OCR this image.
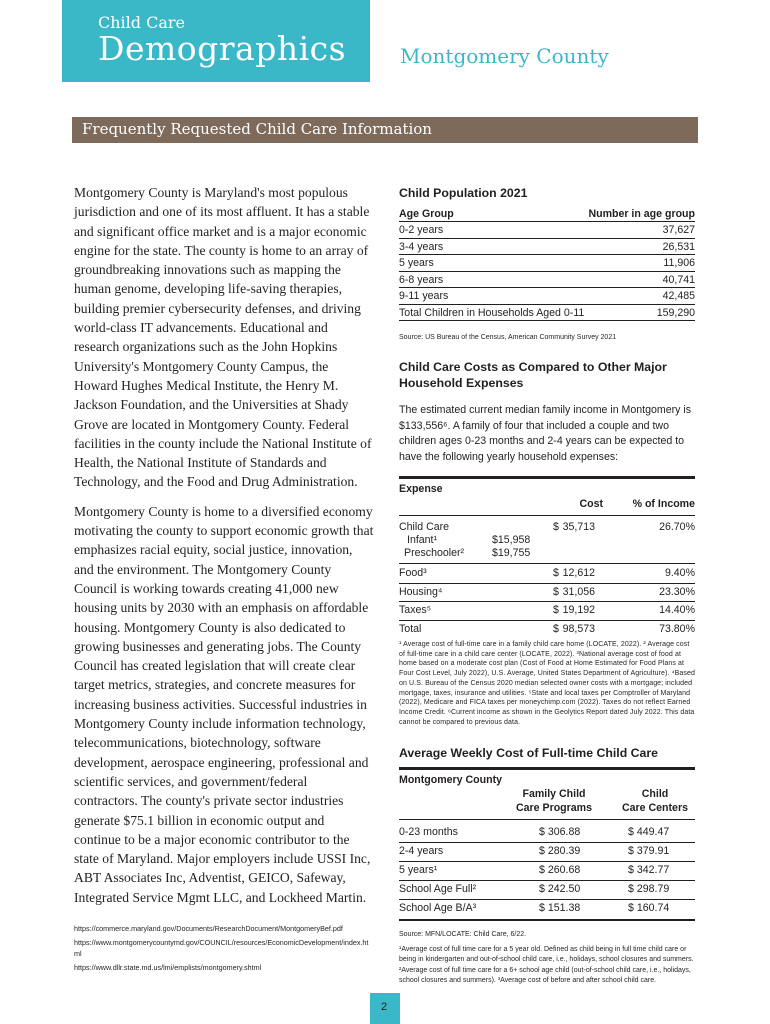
Child Care
Demographics	Montgomery County
Frequently Requested Child Care Information

Montgomery County is Maryland's most populous jurisdiction and one of its most affluent. It has a stable and significant office market and is a major economic engine for the state. The county is home to an array of groundbreaking innovations such as mapping the human genome, developing life-saving therapies, building premier cybersecurity defenses, and driving world-class IT advancements. Educational and research organizations such as the John Hopkins University's Montgomery County Campus, the Howard Hughes Medical Institute, the Henry M. Jackson Foundation, and the Universities at Shady Grove are located in Montgomery County. Federal facilities in the county include the National Institute of Health, the National Institute of Standards and Technology, and the Food and Drug Administration.

Montgomery County is home to a diversified economy motivating the county to support economic growth that emphasizes racial equity, social justice, innovation, and the environment. The Montgomery County Council is working towards creating 41,000 new housing units by 2030 with an emphasis on affordable housing. Montgomery County is also dedicated to growing businesses and generating jobs. The County Council has created legislation that will create clear target metrics, strategies, and concrete measures for increasing business activities. Successful industries in Montgomery County include information technology, telecommunications, biotechnology, software development, aerospace engineering, professional and scientific services, and government/federal contractors. The county's private sector industries generate $75.1 billion in economic output and continue to be a major economic contributor to the state of Maryland. Major employers include USSI Inc, ABT Associates Inc, Adventist, GEICO, Safeway, Integrated Service Mgmt LLC, and Lockheed Martin.

https://commerce.maryland.gov/Documents/ResearchDocument/MontgomeryBef.pdf
https://www.montgomerycountymd.gov/COUNCIL/resources/EconomicDevelopment/index.html
https://www.dllr.state.md.us/lmi/emplists/montgomery.shtml
Child Population 2021
Age Group	Number in age group
0-2 years	37,627
3-4 years	26,531
5 years	11,906
6-8 years	40,741
9-11 years	42,485
Total Children in Households Aged 0-11	159,290
Source: US Bureau of the Census, American Community Survey 2021
Child Care Costs as Compared to Other Major
Household Expenses
The estimated current median family income in Montgomery is $133,556⁶. A family of four that included a couple and two children ages 0-23 months and 2-4 years can be expected to have the following yearly household expenses:
Expense
Cost	% of Income
Child Care	$ 35,713	26.70%
Infant¹	$15,958
Preschooler²	$19,755
Food³	$ 12,612	9.40%
Housing⁴	$ 31,056	23.30%
Taxes⁵	$ 19,192	14.40%
Total	$ 98,573	73.80%
¹ Average cost of full-time care in a family child care home (LOCATE, 2022). ² Average cost of full-time care in a child care center (LOCATE, 2022). ³National average cost of food at home based on a moderate cost plan (Cost of Food at Home Estimated for Food Plans at Four Cost Level, July 2022), U.S. Average, United States Department of Agriculture). ⁴Based on U.S. Bureau of the Census 2020 median selected owner costs with a mortgage; included mortgage, taxes, insurance and utilities. ⁵State and local taxes per Comptroller of Maryland (2022), Medicare and FICA taxes per moneychimp.com (2022). Taxes do not reflect Earned Income Credit. ⁶Current income as shown in the Geolytics Report dated July 2022. This data cannot be compared to previous data.
Average Weekly Cost of Full-time Child Care
Montgomery County
Family Child	Child
Care Programs	Care Centers
0-23 months	$ 306.88	$ 449.47
2-4 years	$ 280.39	$ 379.91
5 years¹	$ 260.68	$ 342.77
School Age Full²	$ 242.50	$ 298.79
School Age B/A³	$ 151.38	$ 160.74
Source: MFN/LOCATE: Child Care, 6/22.
¹Average cost of full time care for a 5 year old. Defined as child being in full time child care or being in kindergarten and out-of-school child care, i.e., holidays, school closures and summers. ²Average cost of full time care for a 6+ school age child (out-of-school child care, i.e., holidays, school closures and summers). ³Average cost of before and after school child care.
2
